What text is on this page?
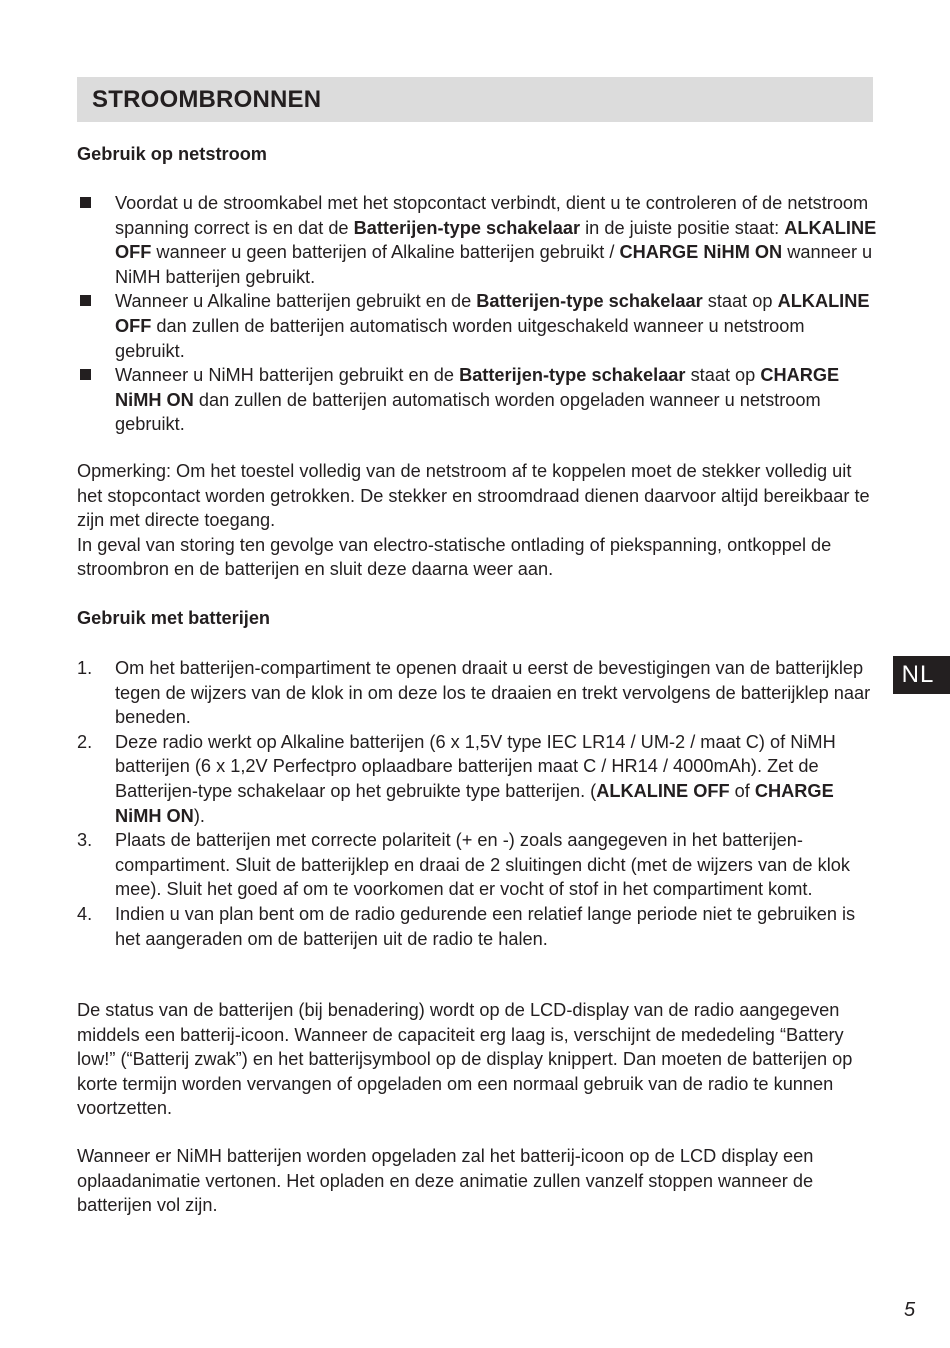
STROOMBRONNEN
Gebruik op netstroom
Voordat u de stroomkabel met het stopcontact verbindt, dient u te controleren of de netstroom spanning correct is en dat de Batterijen-type schakelaar in de juiste positie staat: ALKALINE OFF wanneer u geen batterijen of Alkaline batterijen gebruikt / CHARGE NiHM ON wanneer u NiMH batterijen gebruikt.
Wanneer u Alkaline batterijen gebruikt en de Batterijen-type schakelaar staat op ALKALINE OFF dan zullen de batterijen automatisch worden uitgeschakeld wanneer u netstroom gebruikt.
Wanneer u NiMH batterijen gebruikt en de Batterijen-type schakelaar staat op CHARGE NiMH ON dan zullen de batterijen automatisch worden opgeladen wanneer u netstroom gebruikt.
Opmerking: Om het toestel volledig van de netstroom af te koppelen moet de stekker volledig uit het stopcontact worden getrokken. De stekker en stroomdraad dienen daarvoor altijd bereikbaar te zijn met directe toegang.
In geval van storing ten gevolge van electro-statische ontlading of piekspanning, ontkoppel de stroombron en de batterijen en sluit deze daarna weer aan.
Gebruik met batterijen
1. Om het batterijen-compartiment te openen draait u eerst de bevestigingen van de batterijklep tegen de wijzers van de klok in om deze los te draaien en trekt vervolgens de batterijklep naar beneden.
2. Deze radio werkt op Alkaline batterijen (6 x 1,5V type IEC LR14 / UM-2 / maat C) of NiMH batterijen (6 x 1,2V Perfectpro oplaadbare batterijen maat C / HR14 / 4000mAh). Zet de Batterijen-type schakelaar op het gebruikte type batterijen. (ALKALINE OFF of CHARGE NiMH ON).
3. Plaats de batterijen met correcte polariteit (+ en -) zoals aangegeven in het batterijen-compartiment. Sluit de batterijklep en draai de 2 sluitingen dicht (met de wijzers van de klok mee). Sluit het goed af om te voorkomen dat er vocht of stof in het compartiment komt.
4. Indien u van plan bent om de radio gedurende een relatief lange periode niet te gebruiken is het aangeraden om de batterijen uit de radio te halen.
De status van de batterijen (bij benadering) wordt op de LCD-display van de radio aangegeven middels een batterij-icoon. Wanneer de capaciteit erg laag is, verschijnt de mededeling “Battery low!” (“Batterij zwak”) en het batterijsymbool op de display knippert. Dan moeten de batterijen op korte termijn worden vervangen of opgeladen om een normaal gebruik van de radio te kunnen voortzetten.
Wanneer er NiMH batterijen worden opgeladen zal het batterij-icoon op de LCD display een oplaadanimatie vertonen. Het opladen en deze animatie zullen vanzelf stoppen wanneer de batterijen vol zijn.
NL
5
